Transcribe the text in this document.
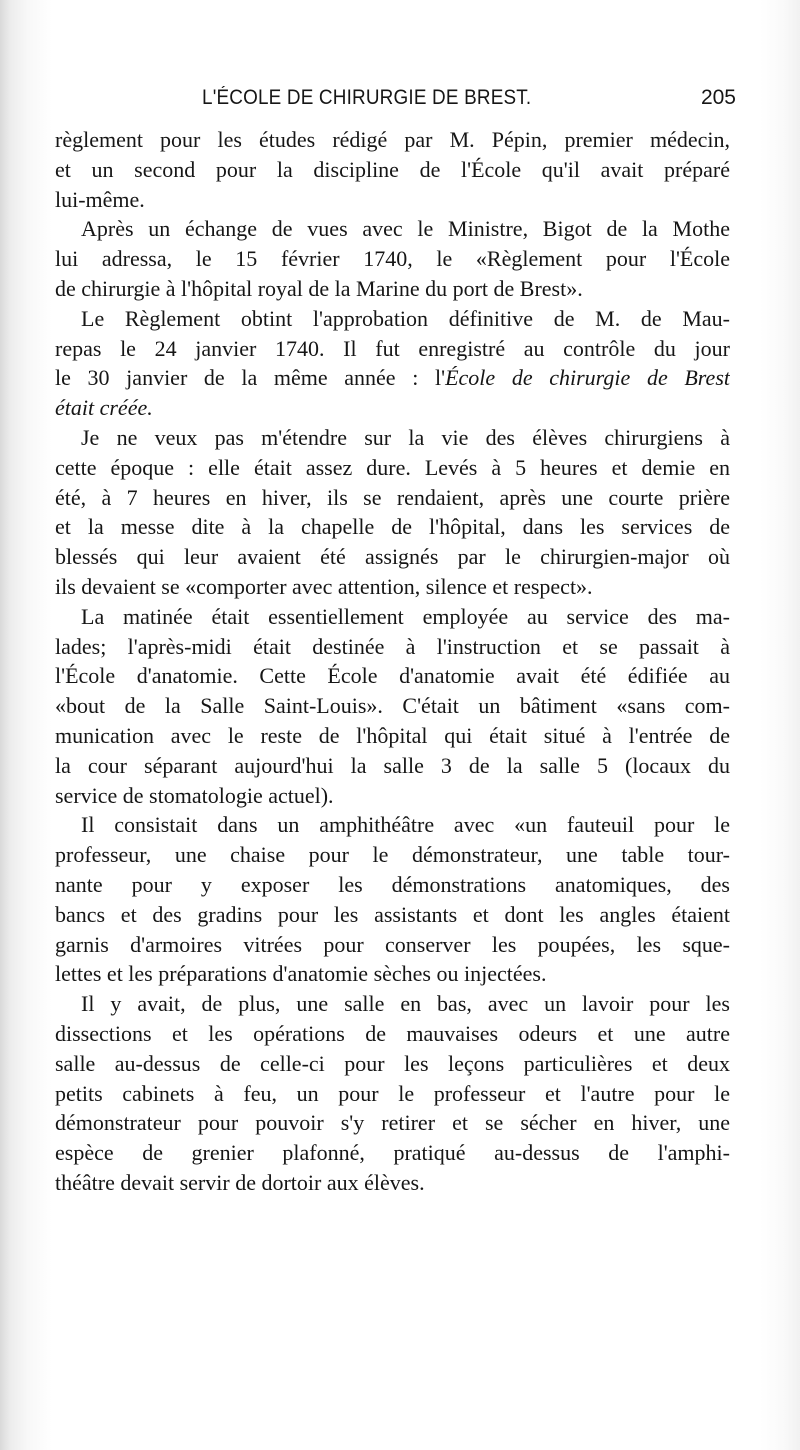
L'ÉCOLE DE CHIRURGIE DE BREST.	205
règlement pour les études rédigé par M. Pépin, premier médecin,
et un second pour la discipline de l'École qu'il avait préparé
lui-même.
Après un échange de vues avec le Ministre, Bigot de la Mothe
lui adressa, le 15 février 1740, le «Règlement pour l'École
de chirurgie à l'hôpital royal de la Marine du port de Brest».
Le Règlement obtint l'approbation définitive de M. de Mau-
repas le 24 janvier 1740. Il fut enregistré au contrôle du jour
le 30 janvier de la même année : l'École de chirurgie de Brest
était créée.
Je ne veux pas m'étendre sur la vie des élèves chirurgiens à
cette époque : elle était assez dure. Levés à 5 heures et demie en
été, à 7 heures en hiver, ils se rendaient, après une courte prière
et la messe dite à la chapelle de l'hôpital, dans les services de
blessés qui leur avaient été assignés par le chirurgien-major où
ils devaient se «comporter avec attention, silence et respect».
La matinée était essentiellement employée au service des ma-
lades; l'après-midi était destinée à l'instruction et se passait à
l'École d'anatomie. Cette École d'anatomie avait été édifiée au
«bout de la Salle Saint-Louis». C'était un bâtiment «sans com-
munication avec le reste de l'hôpital qui était situé à l'entrée de
la cour séparant aujourd'hui la salle 3 de la salle 5 (locaux du
service de stomatologie actuel).
Il consistait dans un amphithéâtre avec «un fauteuil pour le
professeur, une chaise pour le démonstrateur, une table tour-
nante pour y exposer les démonstrations anatomiques, des
bancs et des gradins pour les assistants et dont les angles étaient
garnis d'armoires vitrées pour conserver les poupées, les sque-
lettes et les préparations d'anatomie sèches ou injectées.
Il y avait, de plus, une salle en bas, avec un lavoir pour les
dissections et les opérations de mauvaises odeurs et une autre
salle au-dessus de celle-ci pour les leçons particulières et deux
petits cabinets à feu, un pour le professeur et l'autre pour le
démonstrateur pour pouvoir s'y retirer et se sécher en hiver, une
espèce de grenier plafonné, pratiqué au-dessus de l'amphi-
théâtre devait servir de dortoir aux élèves.
